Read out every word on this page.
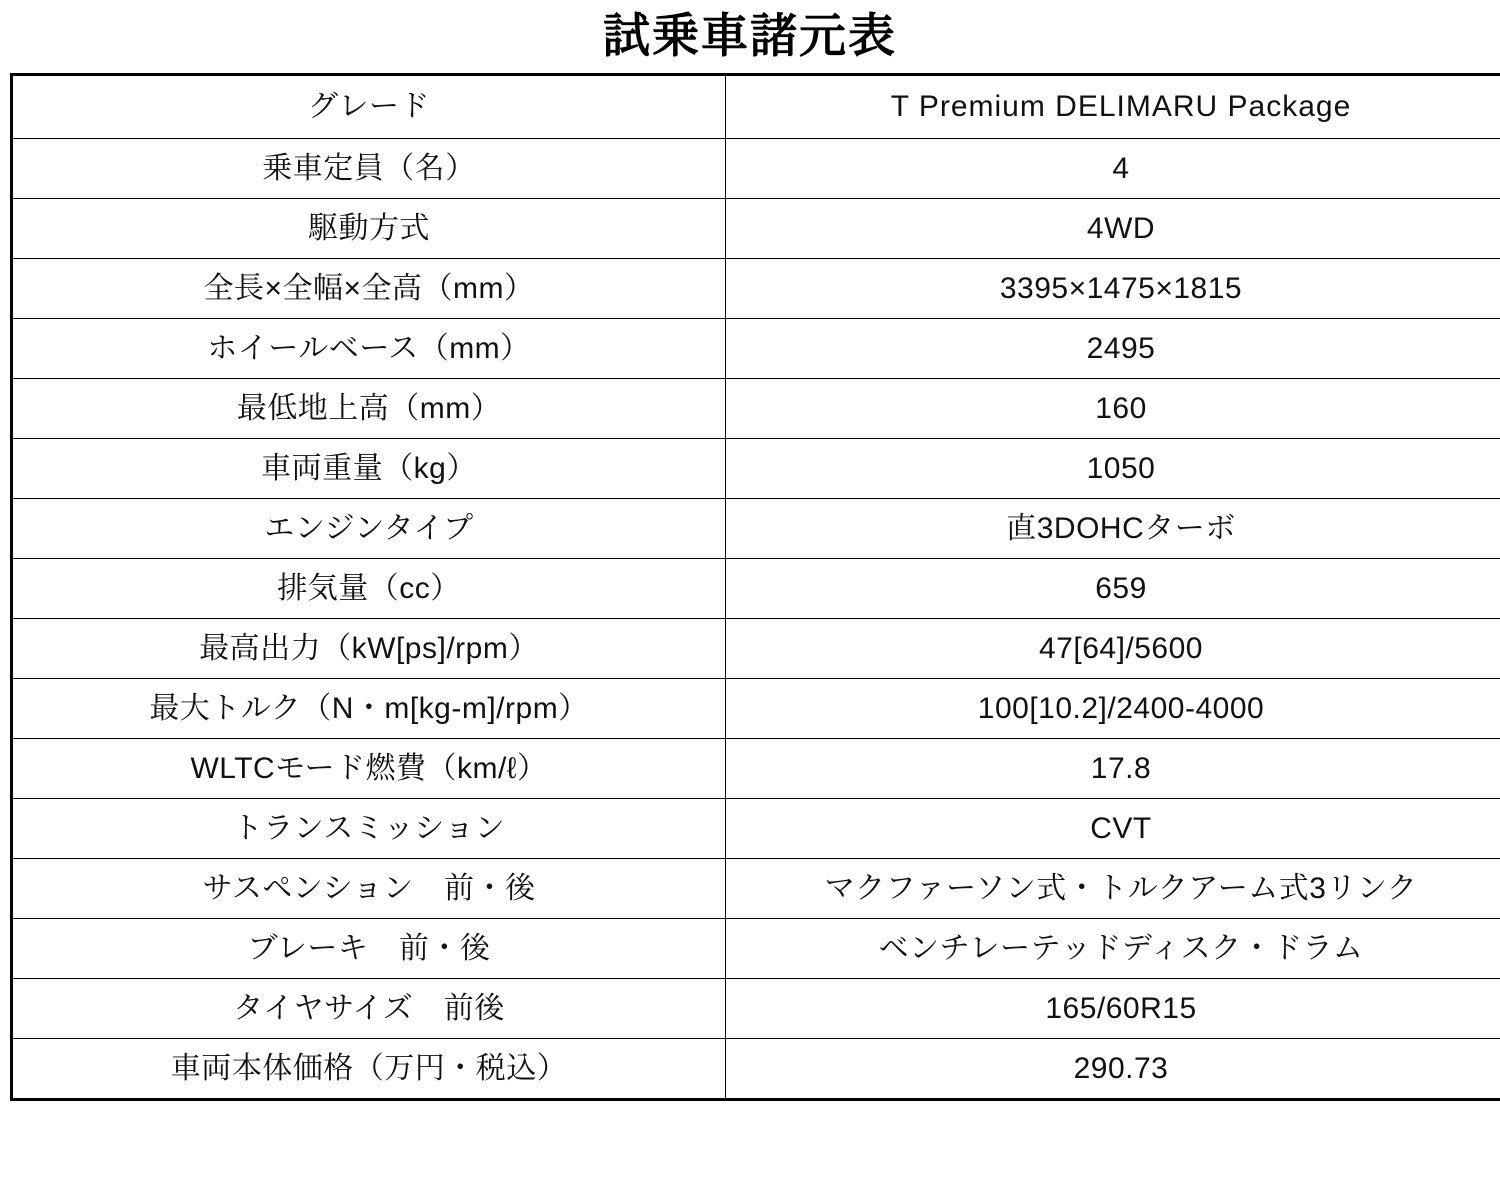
試乗車諸元表
グレード	T Premium DELIMARU Package
乗車定員（名）	4
駆動方式	4WD
全長×全幅×全高（mm）	3395×1475×1815
ホイールベース（mm）	2495
最低地上高（mm）	160
車両重量（kg）	1050
エンジンタイプ	直3DOHCターボ
排気量（cc）	659
最高出力（kW[ps]/rpm）	47[64]/5600
最大トルク（N・m[kg-m]/rpm）	100[10.2]/2400-4000
WLTCモード燃費（km/ℓ）	17.8
トランスミッション	CVT
サスペンション　前・後	マクファーソン式・トルクアーム式3リンク
ブレーキ　前・後	ベンチレーテッドディスク・ドラム
タイヤサイズ　前後	165/60R15
車両本体価格（万円・税込）	290.73
